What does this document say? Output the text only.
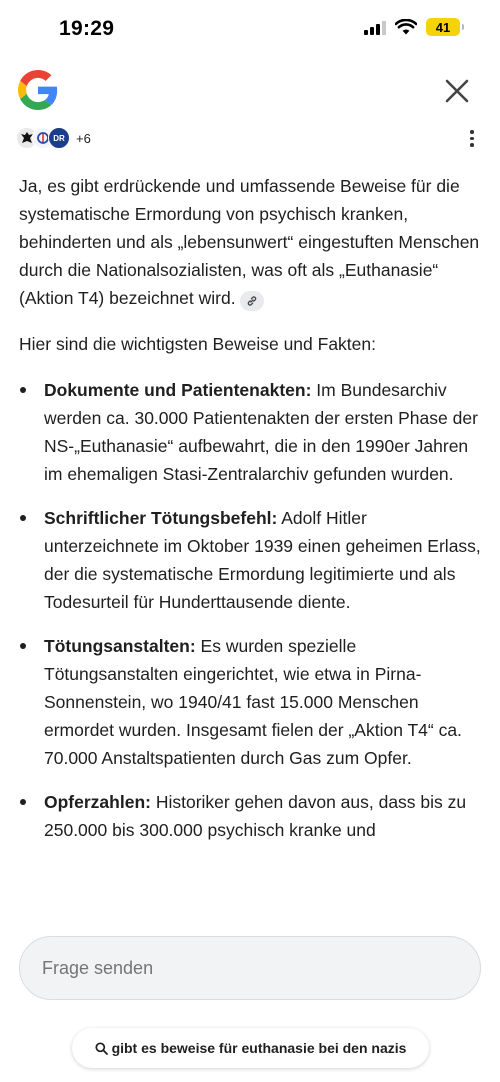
19:29	41
DR +6

Ja, es gibt erdrückende und umfassende Beweise für die systematische Ermordung von psychisch kranken, behinderten und als „lebensunwert“ eingestuften Menschen durch die Nationalsozialisten, was oft als „Euthanasie“ (Aktion T4) bezeichnet wird.

Hier sind die wichtigsten Beweise und Fakten:

Dokumente und Patientenakten: Im Bundesarchiv werden ca. 30.000 Patientenakten der ersten Phase der NS-„Euthanasie“ aufbewahrt, die in den 1990er Jahren im ehemaligen Stasi-Zentralarchiv gefunden wurden.
Schriftlicher Tötungsbefehl: Adolf Hitler unterzeichnete im Oktober 1939 einen geheimen Erlass, der die systematische Ermordung legitimierte und als Todesurteil für Hunderttausende diente.
Tötungsanstalten: Es wurden spezielle Tötungsanstalten eingerichtet, wie etwa in Pirna-Sonnenstein, wo 1940/41 fast 15.000 Menschen ermordet wurden. Insgesamt fielen der „Aktion T4“ ca. 70.000 Anstaltspatienten durch Gas zum Opfer.
Opferzahlen: Historiker gehen davon aus, dass bis zu 250.000 bis 300.000 psychisch kranke und
Frage senden
gibt es beweise für euthanasie bei den nazis
